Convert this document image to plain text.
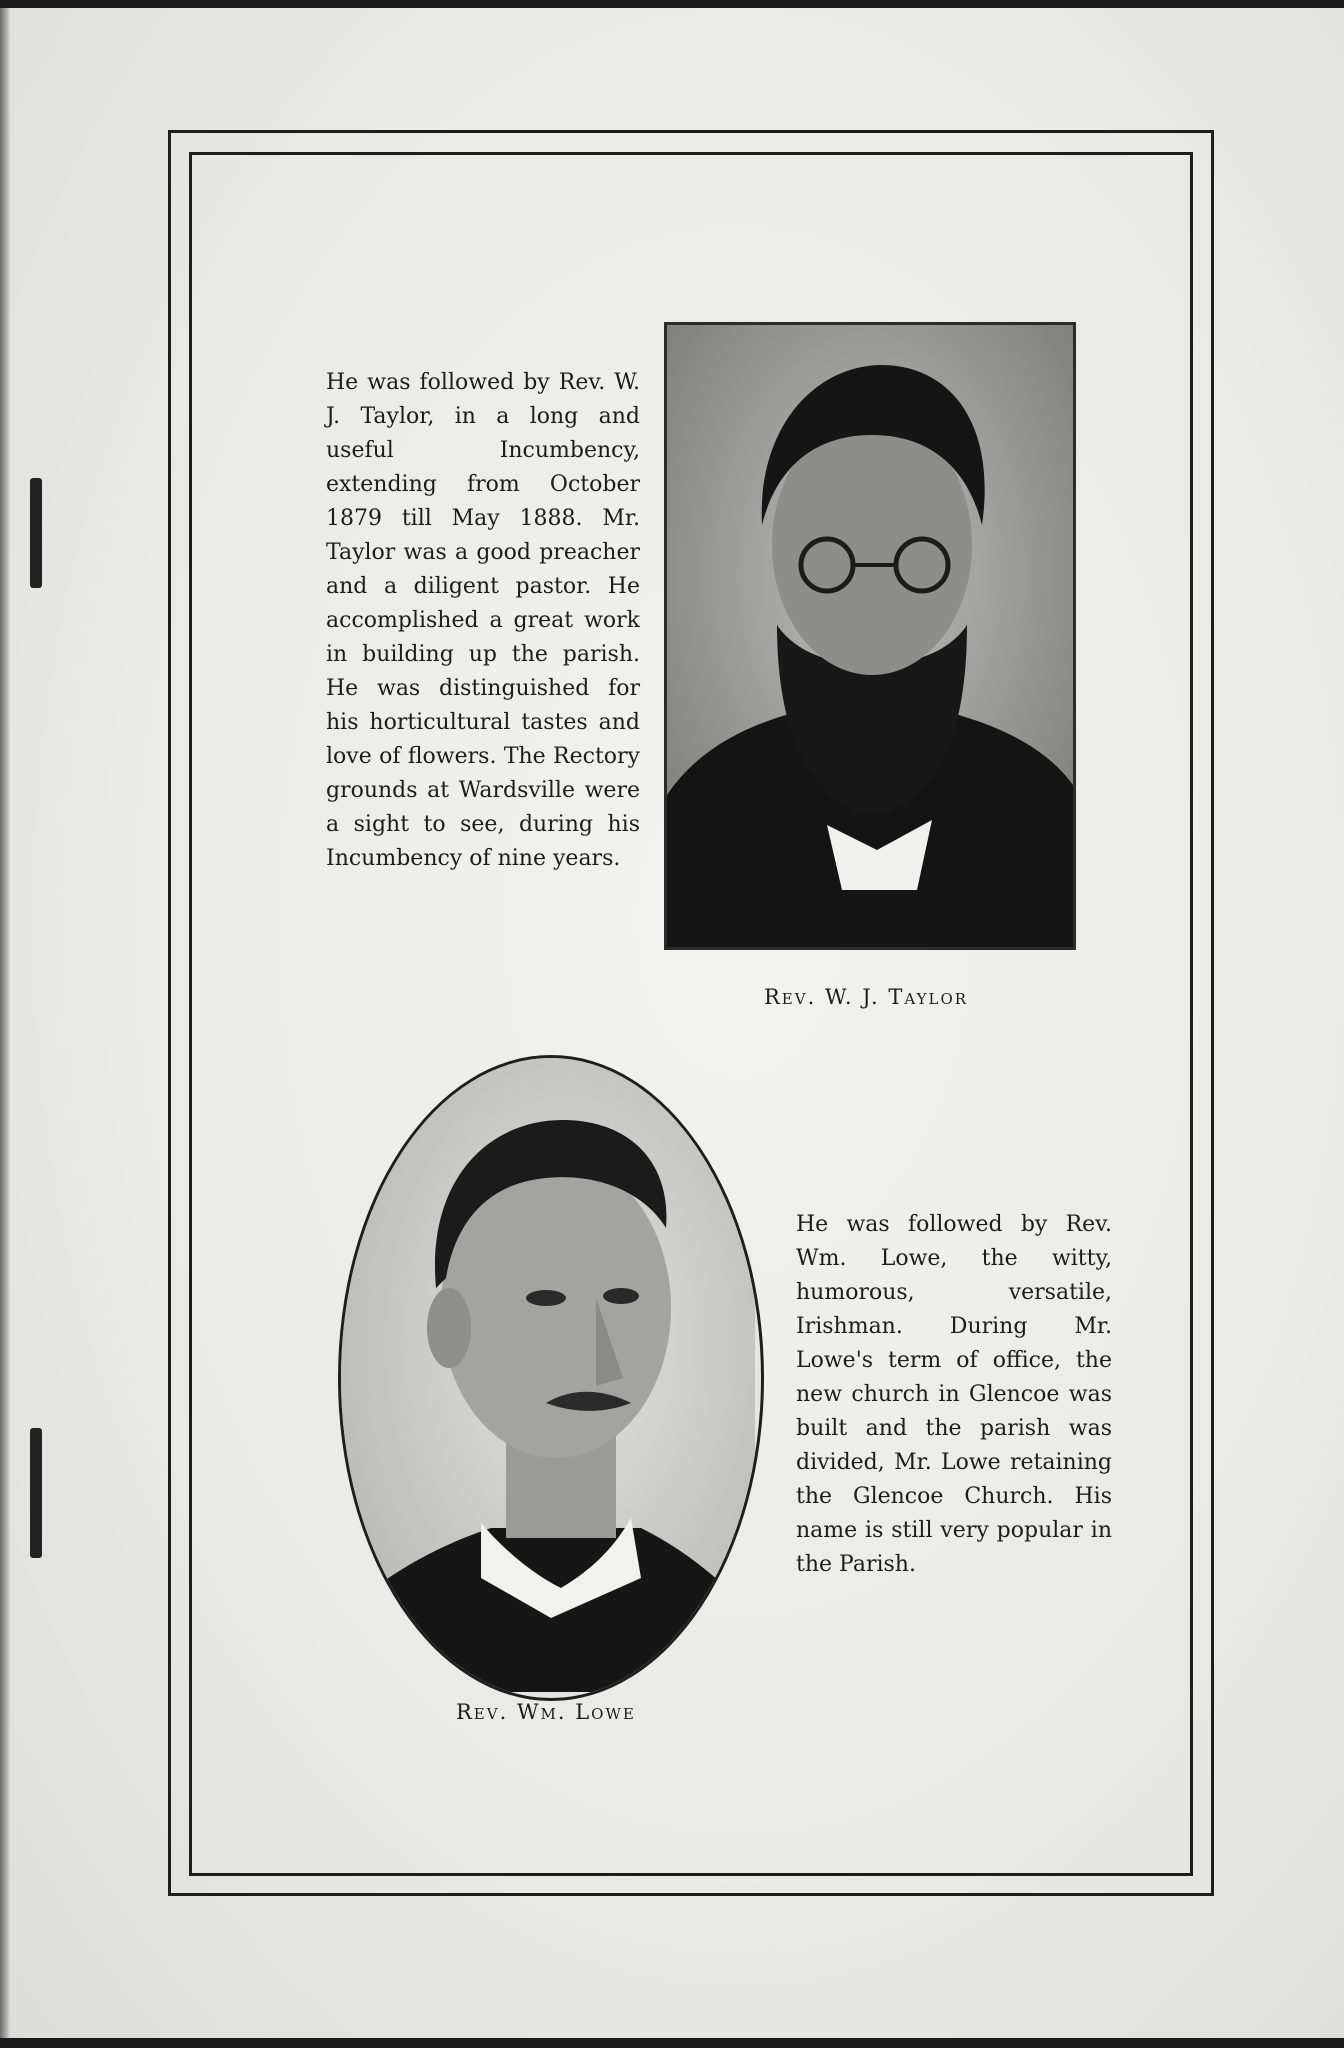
He was followed by Rev. W. J. Taylor, in a long and useful Incumbency, extending from October 1879 till May 1888. Mr. Taylor was a good preacher and a diligent pastor. He accomplished a great work in building up the parish. He was distinguished for his horticultural tastes and love of flowers. The Rectory grounds at Wardsville were a sight to see, during his Incumbency of nine years.

Rev. W. J. Taylor
Rev. Wm. Lowe

He was followed by Rev. Wm. Lowe, the witty, humorous, versatile, Irishman. During Mr. Lowe's term of office, the new church in Glencoe was built and the parish was divided, Mr. Lowe retaining the Glencoe Church. His name is still very popular in the Parish.
